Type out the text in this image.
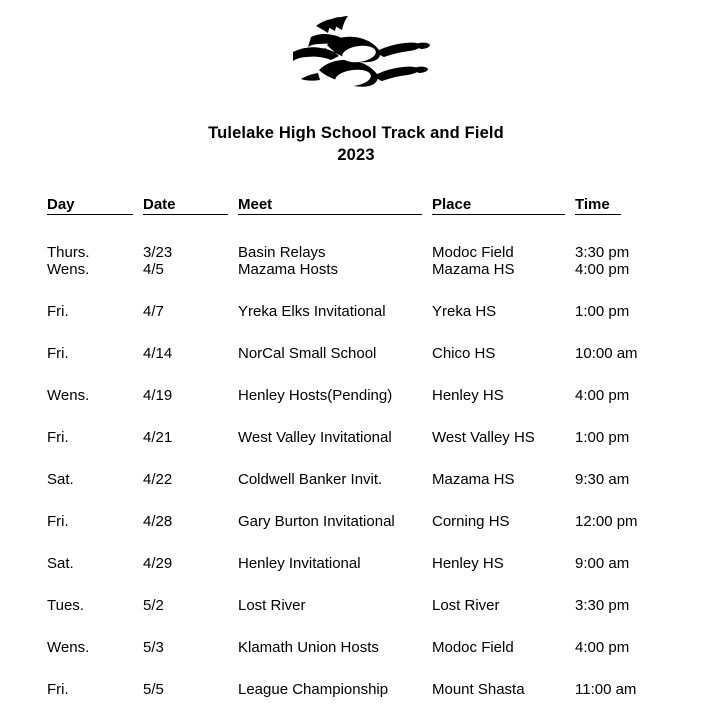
Tulelake High School Track and Field
2023
Day	Date	Meet	Place	Time

Thurs.	3/23	Basin Relays	Modoc Field	3:30 pm
Wens.	4/5	Mazama Hosts	Mazama HS	4:00 pm
Fri.	4/7	Yreka Elks Invitational	Yreka HS	1:00 pm
Fri.	4/14	NorCal Small School	Chico HS	10:00 am
Wens.	4/19	Henley Hosts(Pending)	Henley HS	4:00 pm
Fri.	4/21	West Valley Invitational	West Valley HS	1:00 pm
Sat.	4/22	Coldwell Banker Invit.	Mazama HS	9:30 am
Fri.	4/28	Gary Burton Invitational	Corning HS	12:00 pm
Sat.	4/29	Henley Invitational	Henley HS	9:00 am
Tues.	5/2	Lost River	Lost River	3:30 pm
Wens.	5/3	Klamath Union Hosts	Modoc Field	4:00 pm
Fri.	5/5	League Championship	Mount Shasta	11:00 am
